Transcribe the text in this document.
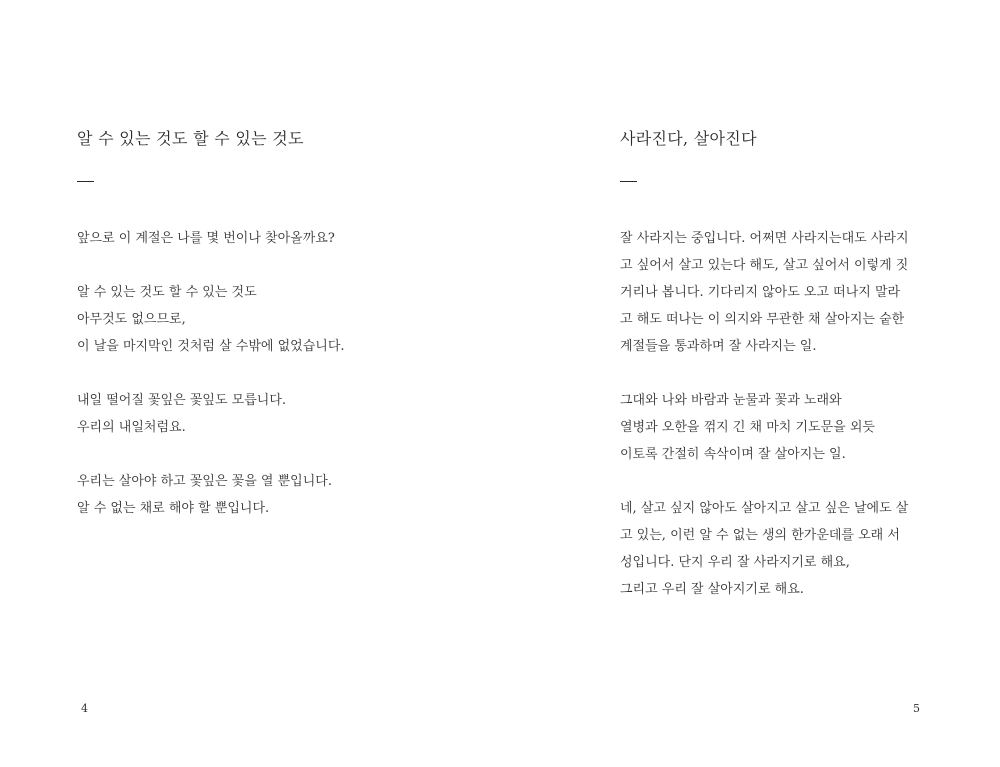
알 수 있는 것도 할 수 있는 것도
앞으로 이 계절은 나를 몇 번이나 찾아올까요?
알 수 있는 것도 할 수 있는 것도
아무것도 없으므로,
이 날을 마지막인 것처럼 살 수밖에 없었습니다.
내일 떨어질 꽃잎은 꽃잎도 모릅니다.
우리의 내일처럼요.
우리는 살아야 하고 꽃잎은 꽃을 열 뿐입니다.
알 수 없는 채로 해야 할 뿐입니다.
4
사라진다, 살아진다
잘 사라지는 중입니다. 어쩌면 사라지는대도 사라지
고 싶어서 살고 있는다 해도, 살고 싶어서 이렇게 짓
거리나 봅니다. 기다리지 않아도 오고 떠나지 말라
고 해도 떠나는 이 의지와 무관한 채 살아지는 숱한
계절들을 통과하며 잘 사라지는 일.
그대와 나와 바람과 눈물과 꽃과 노래와
열병과 오한을 꺾지 긴 채 마치 기도문을 외듯
이토록 간절히 속삭이며 잘 살아지는 일.
네, 살고 싶지 않아도 살아지고 살고 싶은 날에도 살
고 있는, 이런 알 수 없는 생의 한가운데를 오래 서
성입니다. 단지 우리 잘 사라지기로 해요,
그리고 우리 잘 살아지기로 해요.
5
